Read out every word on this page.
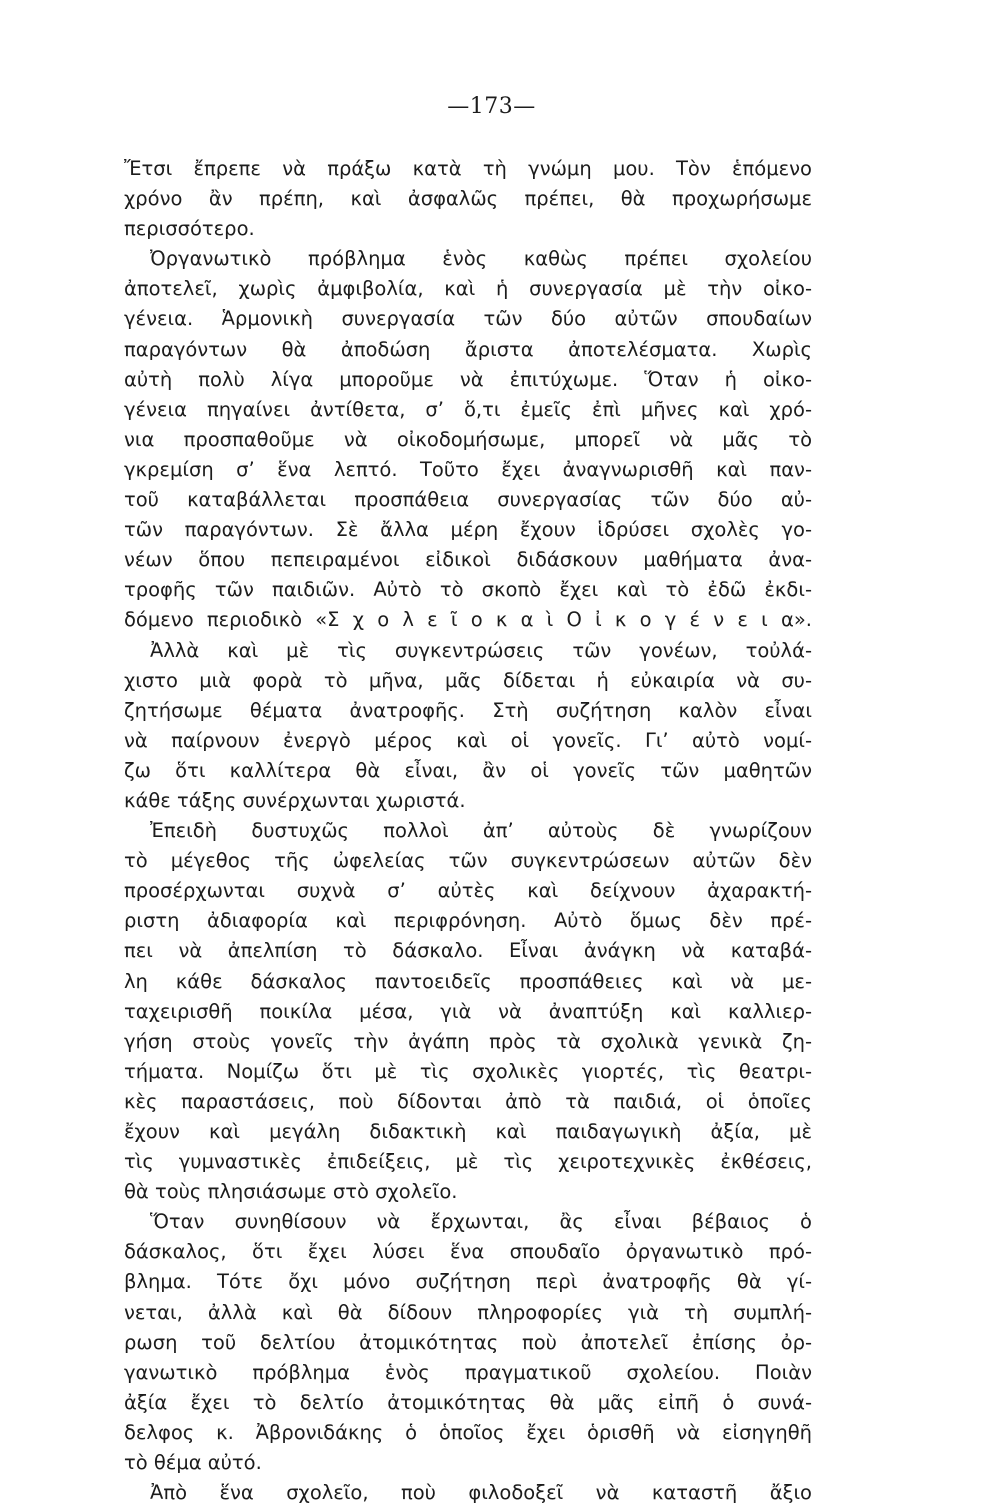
—173—
Ἔτσι ἔπρεπε νὰ πράξω κατὰ τὴ γνώμη μου. Τὸν ἑπόμενο
χρόνο ἂν πρέπη, καὶ ἀσφαλῶς πρέπει, θὰ προχωρήσωμε
περισσότερο.
Ὀργανωτικὸ πρόβλημα ἑνὸς καθὼς πρέπει σχολείου
ἀποτελεῖ, χωρὶς ἀμφιβολία, καὶ ἡ συνεργασία μὲ τὴν οἰκο-
γένεια. Ἁρμονικὴ συνεργασία τῶν δύο αὐτῶν σπουδαίων
παραγόντων θὰ ἀποδώση ἄριστα ἀποτελέσματα. Χωρὶς
αὐτὴ πολὺ λίγα μποροῦμε νὰ ἐπιτύχωμε. Ὅταν ἡ οἰκο-
γένεια πηγαίνει ἀντίθετα, σ’ ὅ,τι ἐμεῖς ἐπὶ μῆνες καὶ χρό-
νια προσπαθοῦμε νὰ οἰκοδομήσωμε, μπορεῖ νὰ μᾶς τὸ
γκρεμίση σ’ ἕνα λεπτό. Τοῦτο ἔχει ἀναγνωρισθῆ καὶ παν-
τοῦ καταβάλλεται προσπάθεια συνεργασίας τῶν δύο αὐ-
τῶν παραγόντων. Σὲ ἄλλα μέρη ἔχουν ἱδρύσει σχολὲς γο-
νέων ὅπου πεπειραμένοι εἰδικοὶ διδάσκουν μαθήματα ἀνα-
τροφῆς τῶν παιδιῶν. Αὐτὸ τὸ σκοπὸ ἔχει καὶ τὸ ἐδῶ ἐκδι-
δόμενο περιοδικὸ «Σ χ ο λ ε ῖ ο κ α ὶ Ο ἰ κ ο γ έ ν ε ι α».
Ἀλλὰ καὶ μὲ τὶς συγκεντρώσεις τῶν γονέων, τοὐλά-
χιστο μιὰ φορὰ τὸ μῆνα, μᾶς δίδεται ἡ εὐκαιρία νὰ συ-
ζητήσωμε θέματα ἀνατροφῆς. Στὴ συζήτηση καλὸν εἶναι
νὰ παίρνουν ἐνεργὸ μέρος καὶ οἱ γονεῖς. Γι’ αὐτὸ νομί-
ζω ὅτι καλλίτερα θὰ εἶναι, ἂν οἱ γονεῖς τῶν μαθητῶν
κάθε τάξης συνέρχωνται χωριστά.
Ἐπειδὴ δυστυχῶς πολλοὶ ἀπ’ αὐτοὺς δὲ γνωρίζουν
τὸ μέγεθος τῆς ὠφελείας τῶν συγκεντρώσεων αὐτῶν δὲν
προσέρχωνται συχνὰ σ’ αὐτὲς καὶ δείχνουν ἀχαρακτή-
ριστη ἀδιαφορία καὶ περιφρόνηση. Αὐτὸ ὅμως δὲν πρέ-
πει νὰ ἀπελπίση τὸ δάσκαλο. Εἶναι ἀνάγκη νὰ καταβά-
λη κάθε δάσκαλος παντοειδεῖς προσπάθειες καὶ νὰ με-
ταχειρισθῆ ποικίλα μέσα, γιὰ νὰ ἀναπτύξη καὶ καλλιερ-
γήση στοὺς γονεῖς τὴν ἀγάπη πρὸς τὰ σχολικὰ γενικὰ ζη-
τήματα. Νομίζω ὅτι μὲ τὶς σχολικὲς γιορτές, τὶς θεατρι-
κὲς παραστάσεις, ποὺ δίδονται ἀπὸ τὰ παιδιά, οἱ ὁποῖες
ἔχουν καὶ μεγάλη διδακτικὴ καὶ παιδαγωγικὴ ἀξία, μὲ
τὶς γυμναστικὲς ἐπιδείξεις, μὲ τὶς χειροτεχνικὲς ἐκθέσεις,
θὰ τοὺς πλησιάσωμε στὸ σχολεῖο.
Ὅταν συνηθίσουν νὰ ἔρχωνται, ἂς εἶναι βέβαιος ὁ
δάσκαλος, ὅτι ἔχει λύσει ἕνα σπουδαῖο ὀργανωτικὸ πρό-
βλημα. Τότε ὄχι μόνο συζήτηση περὶ ἀνατροφῆς θὰ γί-
νεται, ἀλλὰ καὶ θὰ δίδουν πληροφορίες γιὰ τὴ συμπλή-
ρωση τοῦ δελτίου ἀτομικότητας ποὺ ἀποτελεῖ ἐπίσης ὀρ-
γανωτικὸ πρόβλημα ἑνὸς πραγματικοῦ σχολείου. Ποιὰν
ἀξία ἔχει τὸ δελτίο ἀτομικότητας θὰ μᾶς εἰπῆ ὁ συνά-
δελφος κ. Ἀβρονιδάκης ὁ ὁποῖος ἔχει ὁρισθῆ νὰ εἰσηγηθῆ
τὸ θέμα αὐτό.
Ἀπὸ ἕνα σχολεῖο, ποὺ φιλοδοξεῖ νὰ καταστῆ ἄξιο
